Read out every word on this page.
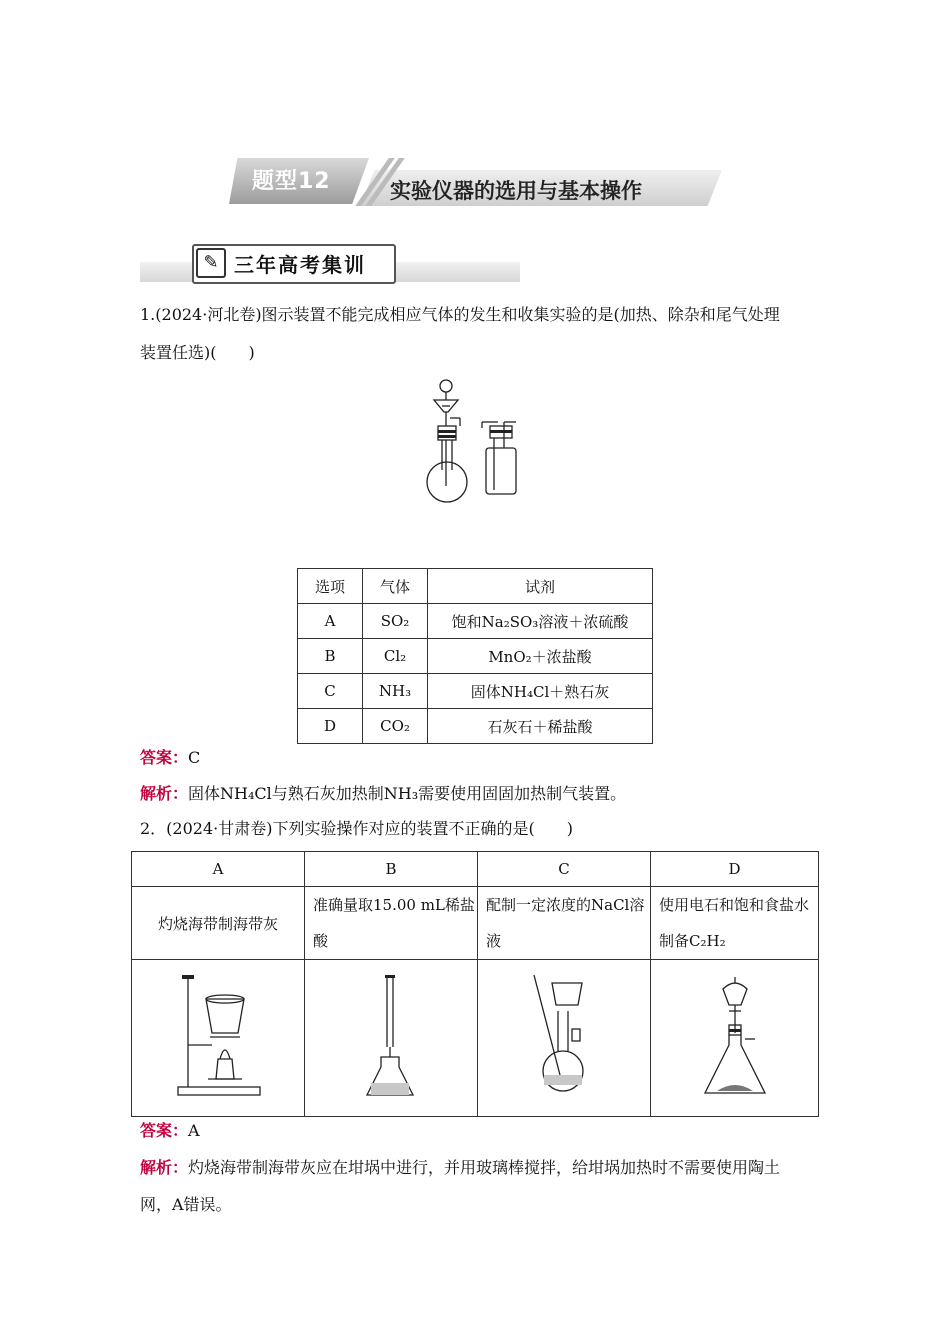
题型12	实验仪器的选用与基本操作
✎ 三年高考集训
1.(2024·河北卷)图示装置不能完成相应气体的发生和收集实验的是(加热、除杂和尾气处理
装置任选)(　　)
选项	气体	试剂
A	SO₂	饱和Na₂SO₃溶液＋浓硫酸
B	Cl₂	MnO₂＋浓盐酸
C	NH₃	固体NH₄Cl＋熟石灰
D	CO₂	石灰石＋稀盐酸
答案：C
解析：固体NH₄Cl与熟石灰加热制NH₃需要使用固固加热制气装置。
2．(2024·甘肃卷)下列实验操作对应的装置不正确的是(　　)
A	B	C	D
灼烧海带制海带灰	准确量取15.00 mL稀盐酸	配制一定浓度的NaCl溶液	使用电石和饱和食盐水制备C₂H₂

答案：A
解析：灼烧海带制海带灰应在坩埚中进行，并用玻璃棒搅拌，给坩埚加热时不需要使用陶土
网，A错误。
